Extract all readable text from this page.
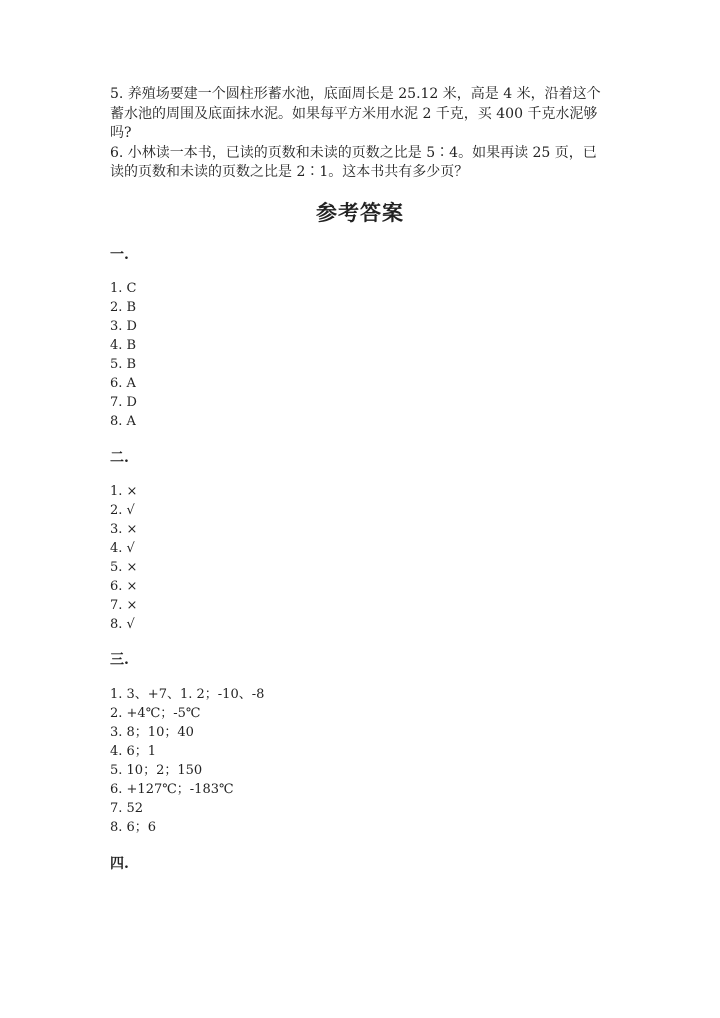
5. 养殖场要建一个圆柱形蓄水池，底面周长是 25.12 米，高是 4 米，沿着这个蓄水池的周围及底面抹水泥。如果每平方米用水泥 2 千克，买 400 千克水泥够吗?

6. 小林读一本书，已读的页数和未读的页数之比是 5∶4。如果再读 25 页，已读的页数和未读的页数之比是 2∶1。这本书共有多少页？

参考答案
一.
1. C
2. B
3. D
4. B
5. B
6. A
7. D
8. A
二.
1. ×
2. √
3. ×
4. √
5. ×
6. ×
7. ×
8. √
三.
1. 3、+7、1. 2；-10、-8
2. +4℃；-5℃
3. 8；10；40
4. 6；1
5. 10；2；150
6. +127℃；-183℃
7. 52
8. 6；6
四.
